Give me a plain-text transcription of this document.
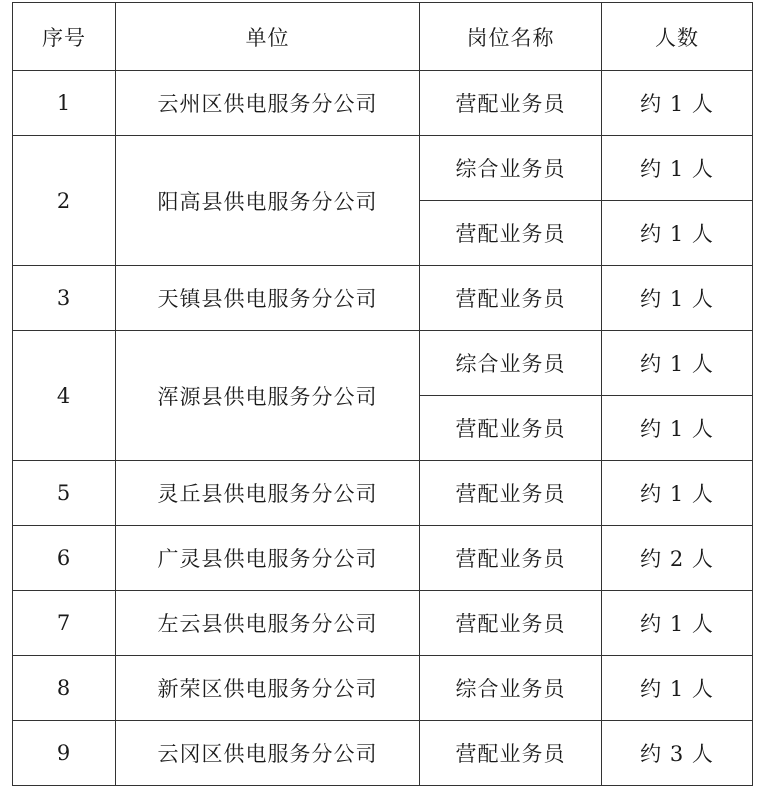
序号	单位	岗位名称	人数
1	云州区供电服务分公司	营配业务员	约 1 人
2	阳高县供电服务分公司	综合业务员	约 1 人
		营配业务员	约 1 人
3	天镇县供电服务分公司	营配业务员	约 1 人
4	浑源县供电服务分公司	综合业务员	约 1 人
		营配业务员	约 1 人
5	灵丘县供电服务分公司	营配业务员	约 1 人
6	广灵县供电服务分公司	营配业务员	约 2 人
7	左云县供电服务分公司	营配业务员	约 1 人
8	新荣区供电服务分公司	综合业务员	约 1 人
9	云冈区供电服务分公司	营配业务员	约 3 人
